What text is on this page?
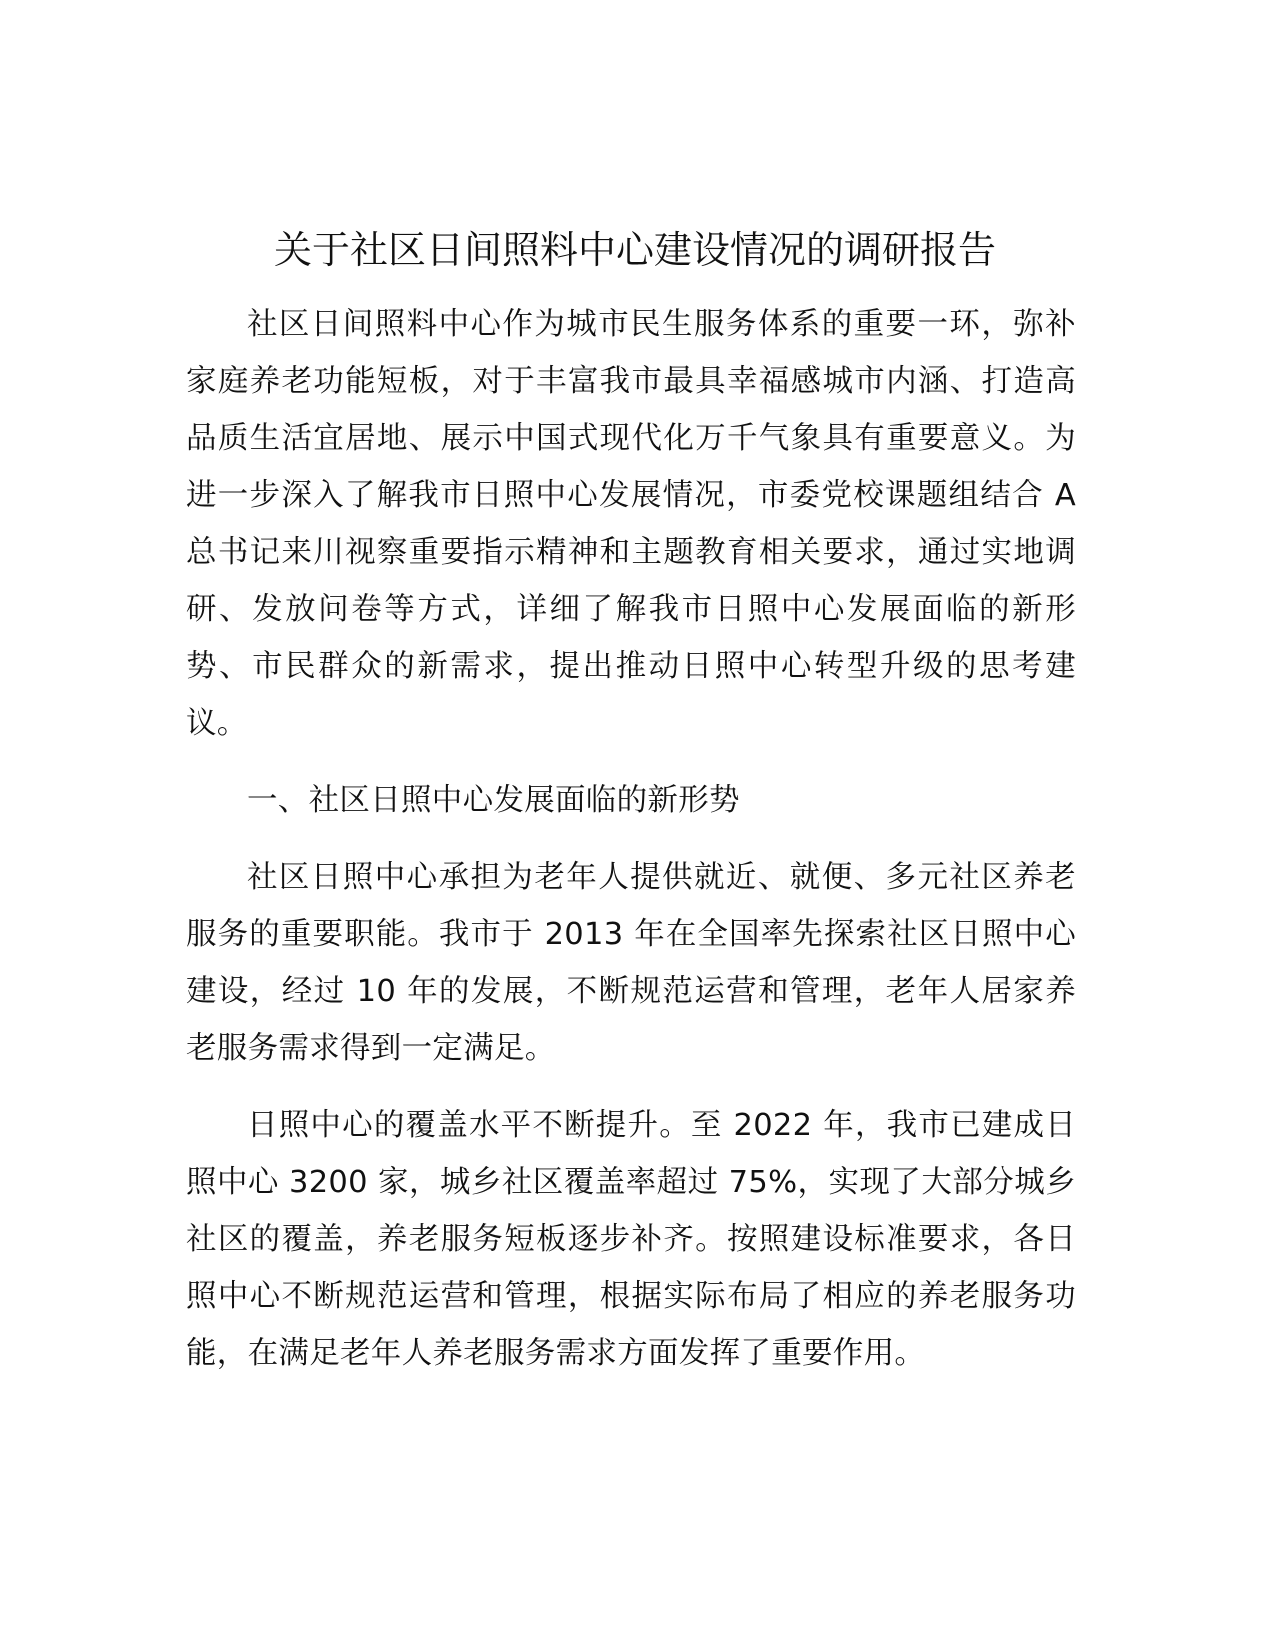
关于社区日间照料中心建设情况的调研报告

社区日间照料中心作为城市民生服务体系的重要一环，弥补家庭养老功能短板，对于丰富我市最具幸福感城市内涵、打造高品质生活宜居地、展示中国式现代化万千气象具有重要意义。为进一步深入了解我市日照中心发展情况，市委党校课题组结合 A 总书记来川视察重要指示精神和主题教育相关要求，通过实地调研、发放问卷等方式，详细了解我市日照中心发展面临的新形势、市民群众的新需求，提出推动日照中心转型升级的思考建议。

一、社区日照中心发展面临的新形势

社区日照中心承担为老年人提供就近、就便、多元社区养老服务的重要职能。我市于 2013 年在全国率先探索社区日照中心建设，经过 10 年的发展，不断规范运营和管理，老年人居家养老服务需求得到一定满足。

日照中心的覆盖水平不断提升。至 2022 年，我市已建成日照中心 3200 家，城乡社区覆盖率超过 75%，实现了大部分城乡社区的覆盖，养老服务短板逐步补齐。按照建设标准要求，各日照中心不断规范运营和管理，根据实际布局了相应的养老服务功能，在满足老年人养老服务需求方面发挥了重要作用。
